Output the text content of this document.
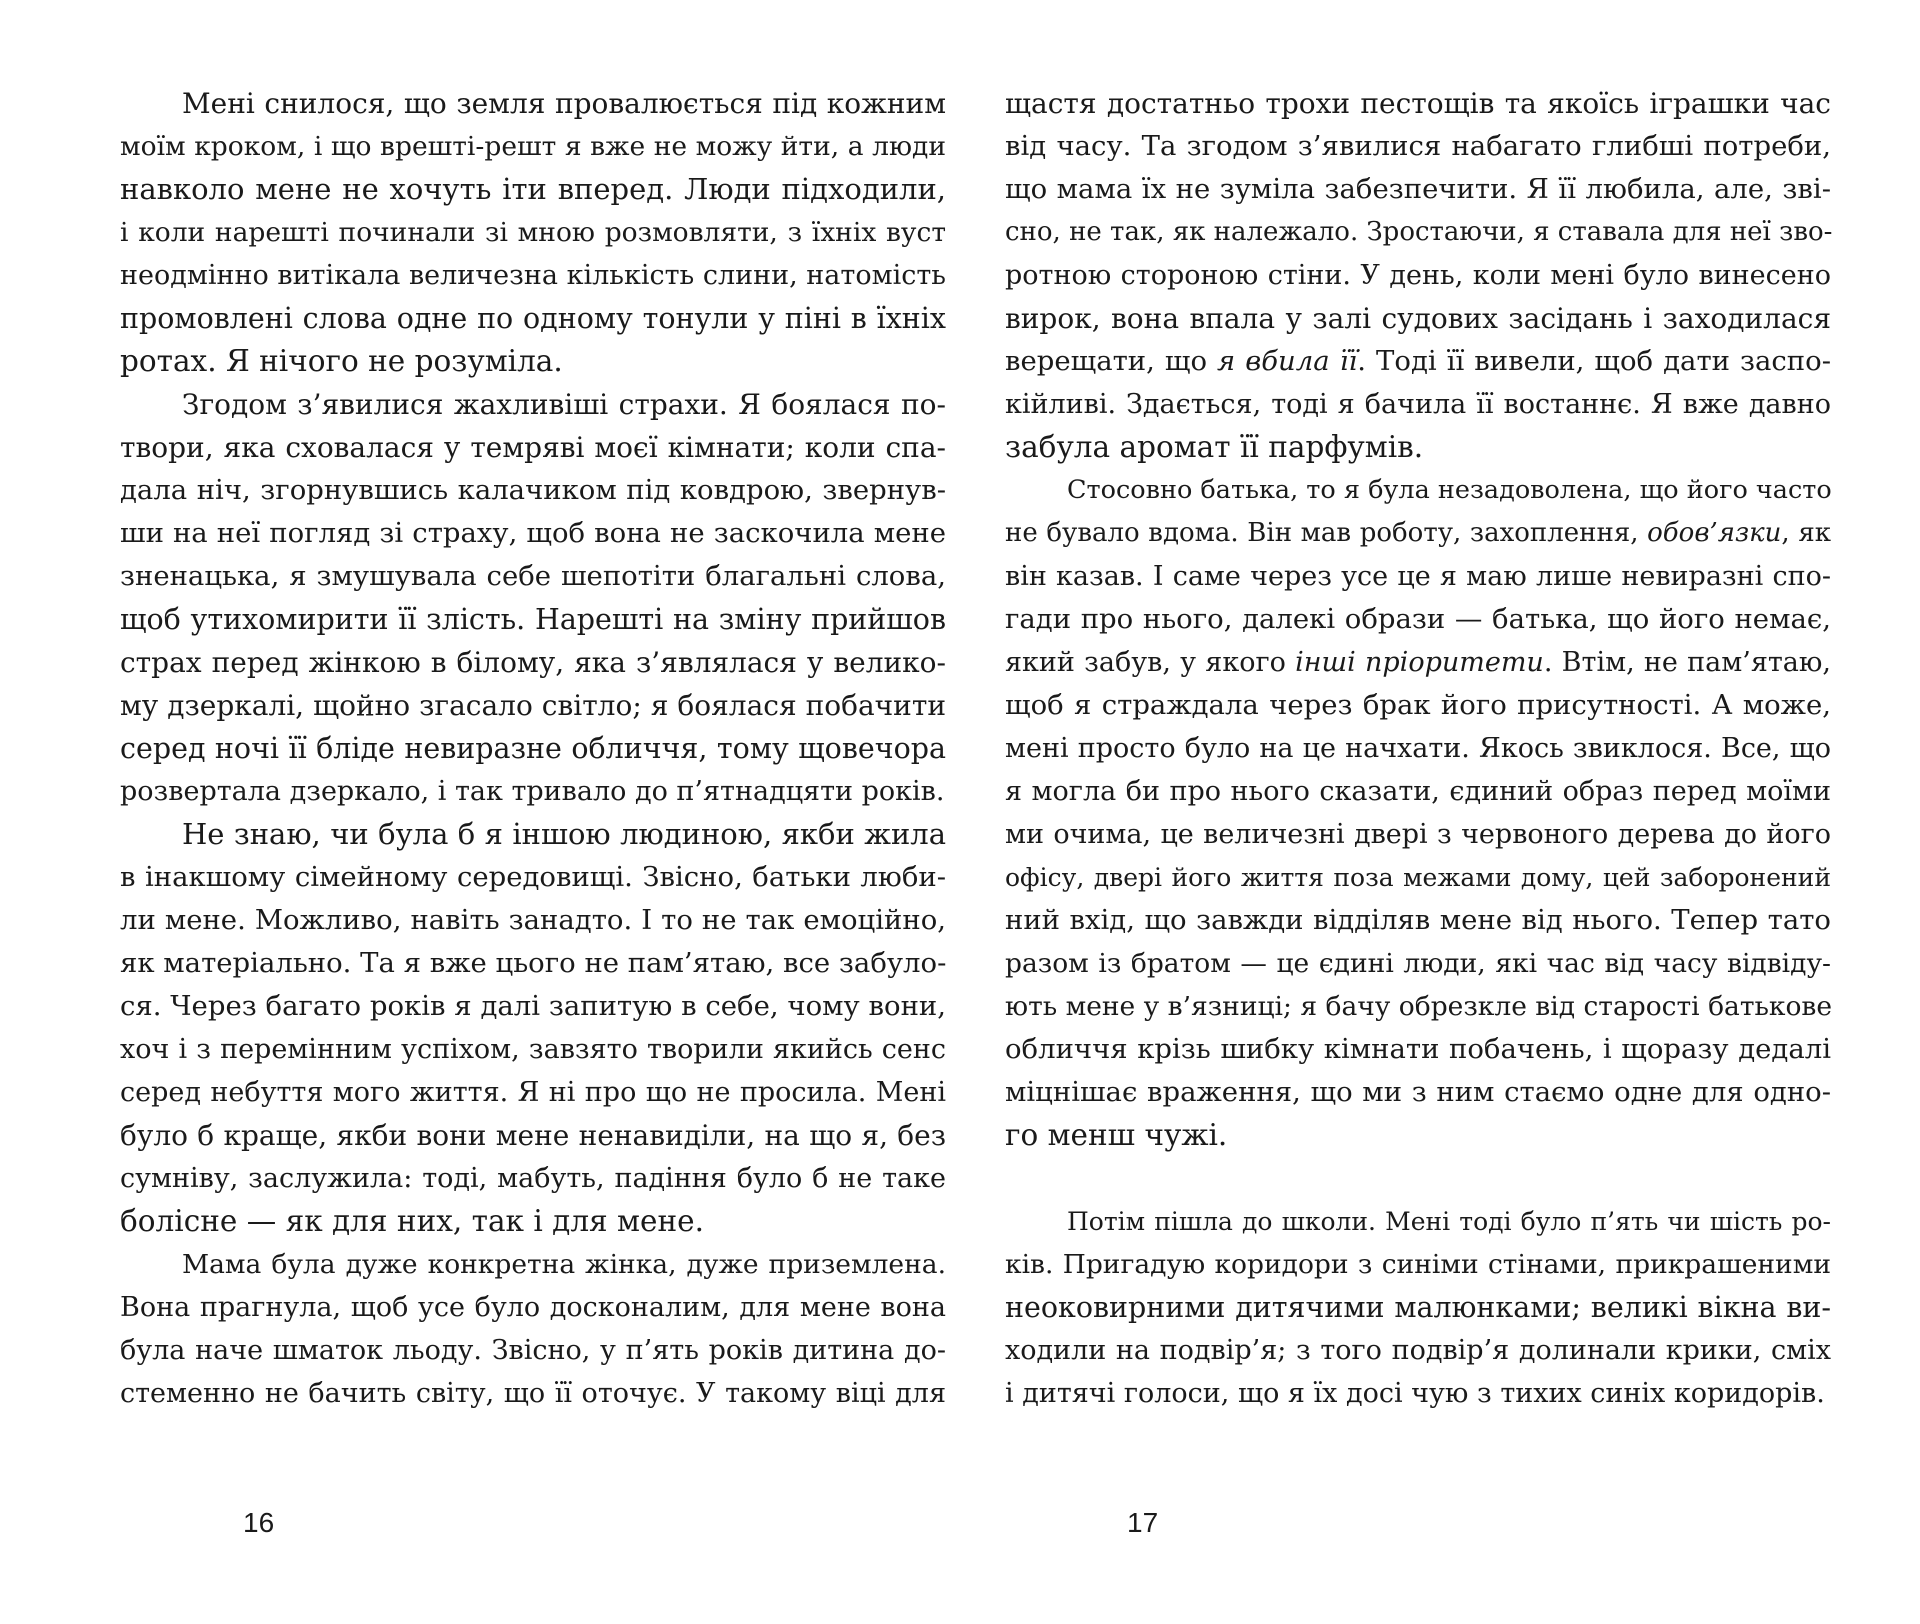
Мені снилося, що земля провалюється під кожним
моїм кроком, і що врешті-решт я вже не можу йти, а люди
навколо мене не хочуть іти вперед. Люди підходили,
і коли нарешті починали зі мною розмовляти, з їхніх вуст
неодмінно витікала величезна кількість слини, натомість
промовлені слова одне по одному тонули у піні в їхніх
ротах. Я нічого не розуміла.
Згодом з’явилися жахливіші страхи. Я боялася по-
твори, яка сховалася у темряві моєї кімнати; коли спа-
дала ніч, згорнувшись калачиком під ковдрою, звернув-
ши на неї погляд зі страху, щоб вона не заскочила мене
зненацька, я змушувала себе шепотіти благальні слова,
щоб утихомирити її злість. Нарешті на зміну прийшов
страх перед жінкою в білому, яка з’являлася у велико-
му дзеркалі, щойно згасало світло; я боялася побачити
серед ночі її бліде невиразне обличчя, тому щовечора
розвертала дзеркало, і так тривало до п’ятнадцяти років.
Не знаю, чи була б я іншою людиною, якби жила
в інакшому сімейному середовищі. Звісно, батьки люби-
ли мене. Можливо, навіть занадто. І то не так емоційно,
як матеріально. Та я вже цього не пам’ятаю, все забуло-
ся. Через багато років я далі запитую в себе, чому вони,
хоч і з перемінним успіхом, завзято творили якийсь сенс
серед небуття мого життя. Я ні про що не просила. Мені
було б краще, якби вони мене ненавиділи, на що я, без
сумніву, заслужила: тоді, мабуть, падіння було б не таке
болісне — як для них, так і для мене.
Мама була дуже конкретна жінка, дуже приземлена.
Вона прагнула, щоб усе було досконалим, для мене вона
була наче шматок льоду. Звісно, у п’ять років дитина до-
стеменно не бачить світу, що її оточує. У такому віці для
16
щастя достатньо трохи пестощів та якоїсь іграшки час
від часу. Та згодом з’явилися набагато глибші потреби,
що мама їх не зуміла забезпечити. Я її любила, але, зві-
сно, не так, як належало. Зростаючи, я ставала для неї зво-
ротною стороною стіни. У день, коли мені було винесено
вирок, вона впала у залі судових засідань і заходилася
верещати, що я вбила її. Тоді її вивели, щоб дати заспо-
кійливі. Здається, тоді я бачила її востаннє. Я вже давно
забула аромат її парфумів.
Стосовно батька, то я була незадоволена, що його часто
не бувало вдома. Він мав роботу, захоплення, обов’язки, як
він казав. І саме через усе це я маю лише невиразні спо-
гади про нього, далекі образи — батька, що його немає,
який забув, у якого інші пріоритети. Втім, не пам’ятаю,
щоб я страждала через брак його присутності. А може,
мені просто було на це начхати. Якось звиклося. Все, що
я могла би про нього сказати, єдиний образ перед моїми
ми очима, це величезні двері з червоного дерева до його
офісу, двері його життя поза межами дому, цей заборонений
ний вхід, що завжди відділяв мене від нього. Тепер тато
разом із братом — це єдині люди, які час від часу відвіду-
ють мене у в’язниці; я бачу обрезкле від старості батькове
обличчя крізь шибку кімнати побачень, і щоразу дедалі
міцнішає враження, що ми з ним стаємо одне для одно-
го менш чужі.
Потім пішла до школи. Мені тоді було п’ять чи шість ро-
ків. Пригадую коридори з синіми стінами, прикрашеними
неоковирними дитячими малюнками; великі вікна ви-
ходили на подвір’я; з того подвір’я долинали крики, сміх
і дитячі голоси, що я їх досі чую з тихих синіх коридорів.
17
